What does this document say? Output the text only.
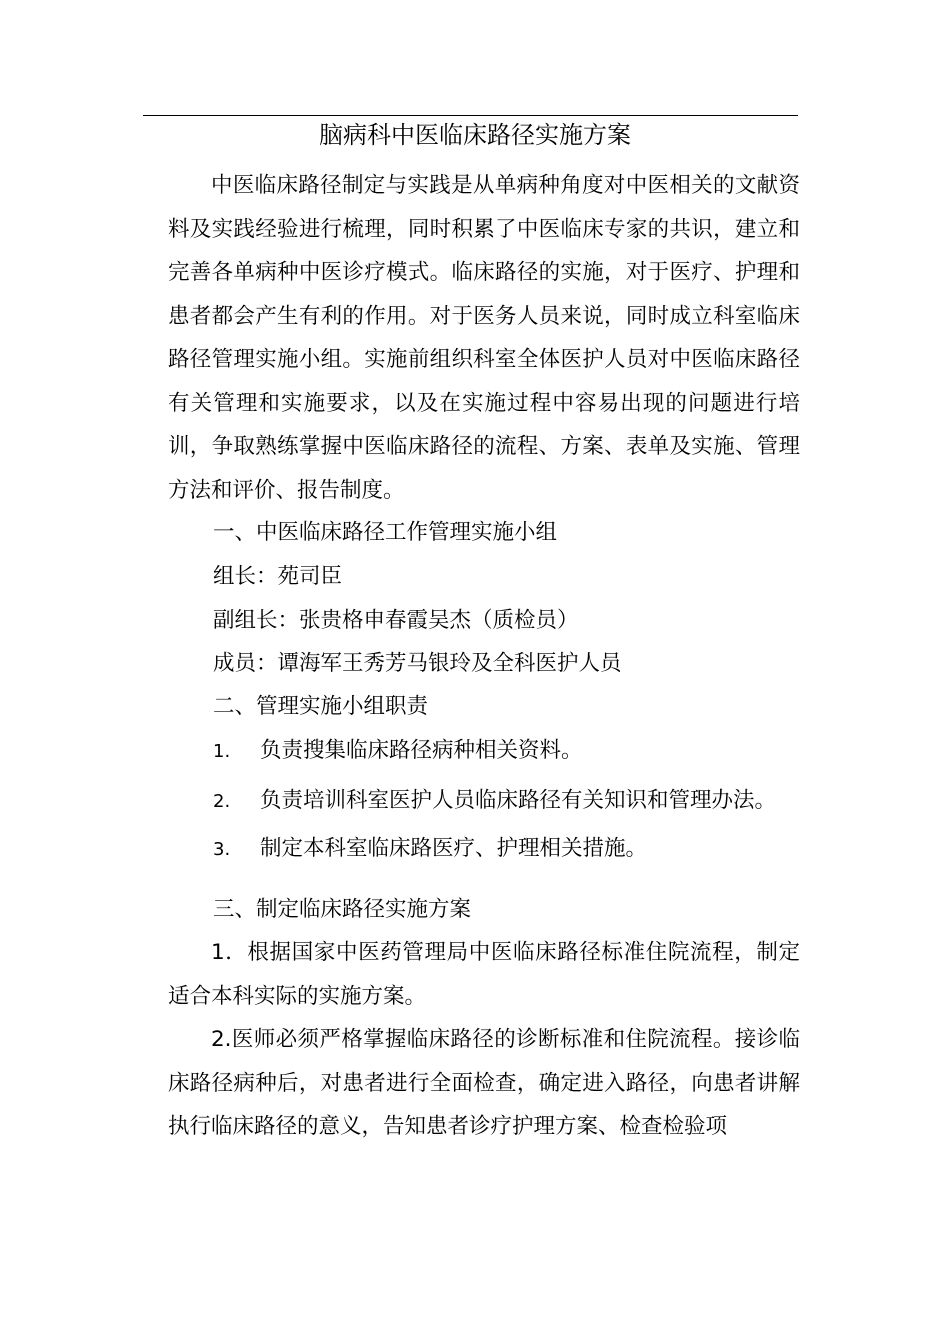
脑病科中医临床路径实施方案

中医临床路径制定与实践是从单病种角度对中医相关的文献资料及实践经验进行梳理，同时积累了中医临床专家的共识，建立和完善各单病种中医诊疗模式。临床路径的实施，对于医疗、护理和患者都会产生有利的作用。对于医务人员来说，同时成立科室临床路径管理实施小组。实施前组织科室全体医护人员对中医临床路径有关管理和实施要求，以及在实施过程中容易出现的问题进行培训，争取熟练掌握中医临床路径的流程、方案、表单及实施、管理方法和评价、报告制度。

一、中医临床路径工作管理实施小组

组长：苑司臣

副组长：张贵格申春霞吴杰（质检员）

成员：谭海军王秀芳马银玲及全科医护人员

二、管理实施小组职责

1. 负责搜集临床路径病种相关资料。
2. 负责培训科室医护人员临床路径有关知识和管理办法。
3. 制定本科室临床路医疗、护理相关措施。

三、制定临床路径实施方案

1．根据国家中医药管理局中医临床路径标准住院流程，制定适合本科实际的实施方案。

2.医师必须严格掌握临床路径的诊断标准和住院流程。接诊临床路径病种后，对患者进行全面检查，确定进入路径，向患者讲解执行临床路径的意义，告知患者诊疗护理方案、检查检验项
